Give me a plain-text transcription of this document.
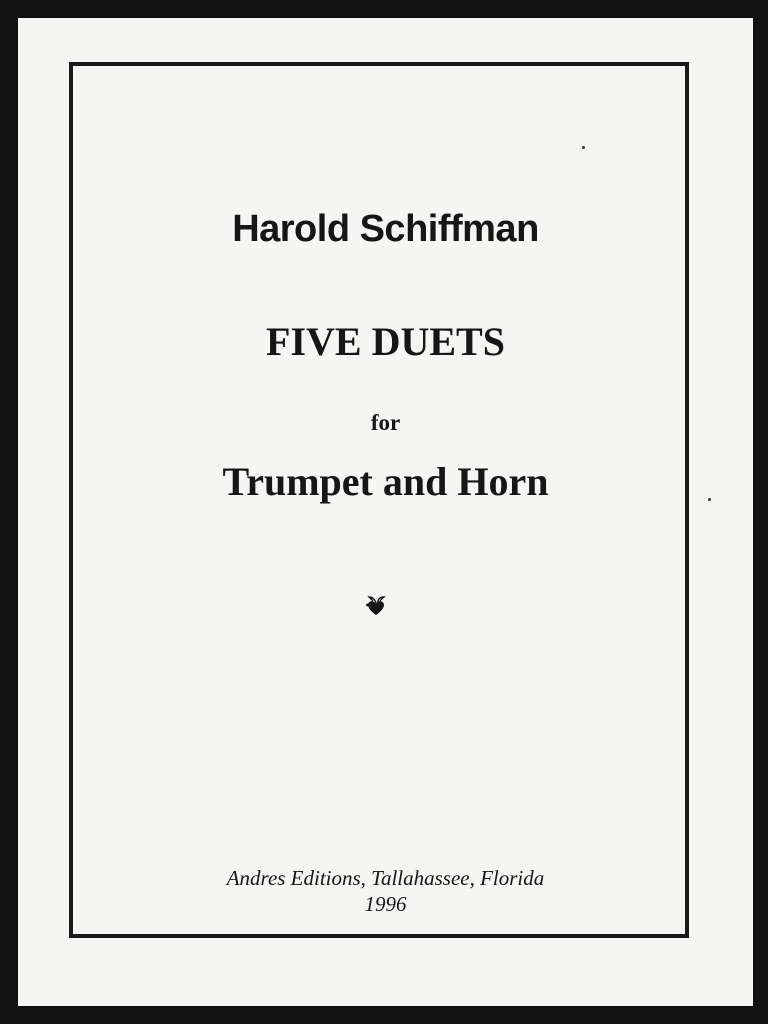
Harold Schiffman
FIVE DUETS
for
Trumpet and Horn
Andres Editions, Tallahassee, Florida
1996
